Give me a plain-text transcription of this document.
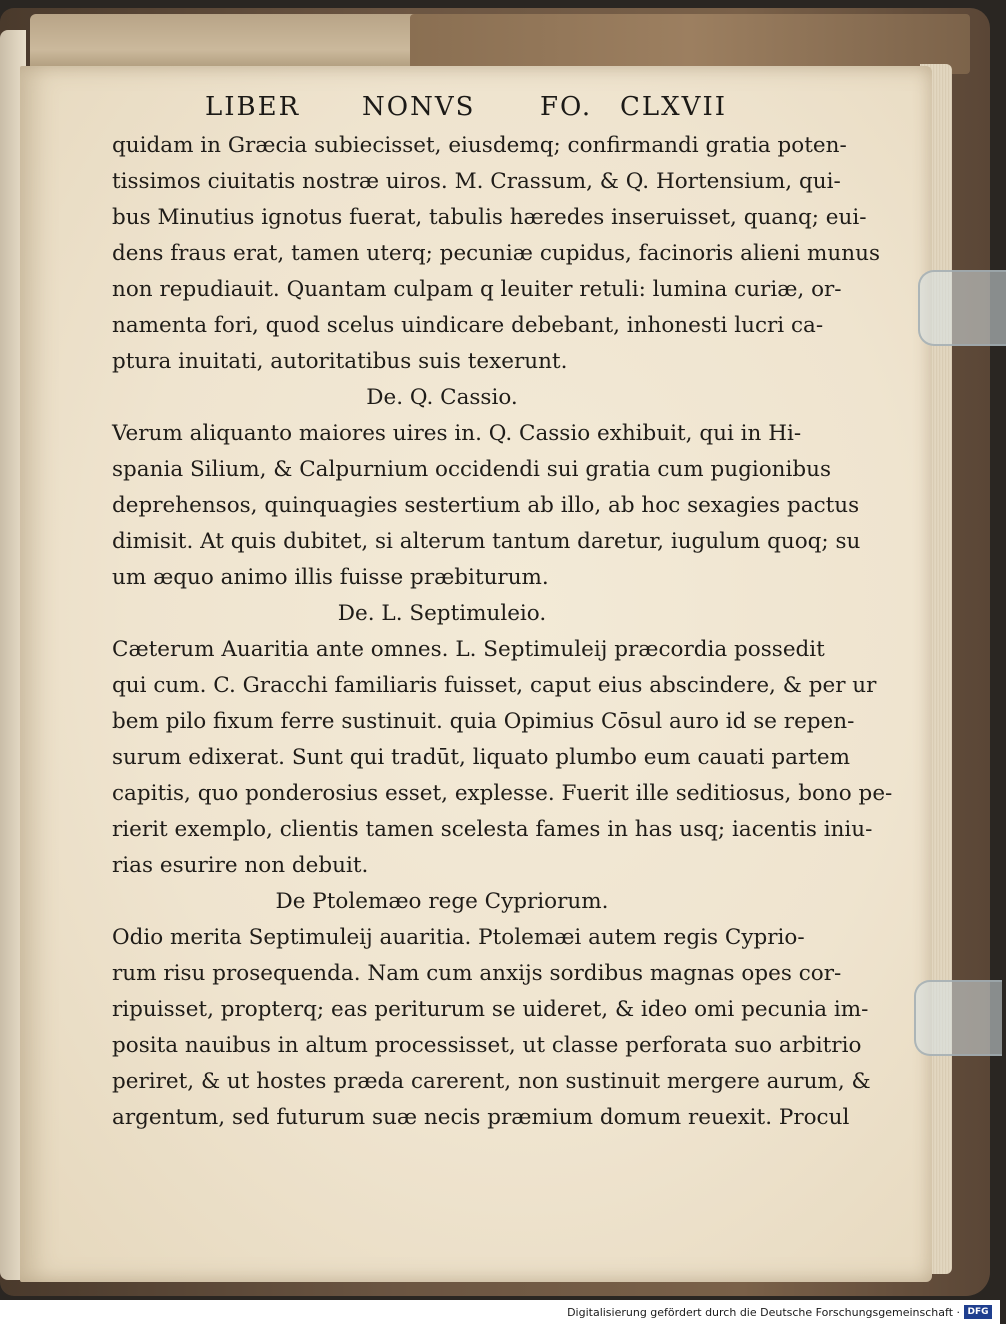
LIBER NONVS FO. CLXVII
quidam in Græcia subiecisset, eiusdemq; confirmandi gratia poten-
tissimos ciuitatis nostræ uiros. M. Crassum, & Q. Hortensium, qui-
bus Minutius ignotus fuerat, tabulis hæredes inseruisset, quanq; eui-
dens fraus erat, tamen uterq; pecuniæ cupidus, facinoris alieni munus
non repudiauit. Quantam culpam q leuiter retuli: lumina curiæ, or-
namenta fori, quod scelus uindicare debebant, inhonesti lucri ca-
ptura inuitati, autoritatibus suis texerunt.
De. Q. Cassio.
Verum aliquanto maiores uires in. Q. Cassio exhibuit, qui in Hi-
spania Silium, & Calpurnium occidendi sui gratia cum pugionibus
deprehensos, quinquagies sestertium ab illo, ab hoc sexagies pactus
dimisit. At quis dubitet, si alterum tantum daretur, iugulum quoq; su
um æquo animo illis fuisse præbiturum.
De. L. Septimuleio.
Cæterum Auaritia ante omnes. L. Septimuleij præcordia possedit
qui cum. C. Gracchi familiaris fuisset, caput eius abscindere, & per ur
bem pilo fixum ferre sustinuit. quia Opimius Cōsul auro id se repen-
surum edixerat. Sunt qui tradūt, liquato plumbo eum cauati partem
capitis, quo ponderosius esset, explesse. Fuerit ille seditiosus, bono pe-
rierit exemplo, clientis tamen scelesta fames in has usq; iacentis iniu-
rias esurire non debuit.
De Ptolemæo rege Cypriorum.
Odio merita Septimuleij auaritia. Ptolemæi autem regis Cyprio-
rum risu prosequenda. Nam cum anxijs sordibus magnas opes cor-
ripuisset, propterq; eas periturum se uideret, & ideo omi pecunia im-
posita nauibus in altum processisset, ut classe perforata suo arbitrio
periret, & ut hostes præda carerent, non sustinuit mergere aurum, &
argentum, sed futurum suæ necis præmium domum reuexit. Procul
Digitalisierung gefördert durch die Deutsche Forschungsgemeinschaft · DFG
